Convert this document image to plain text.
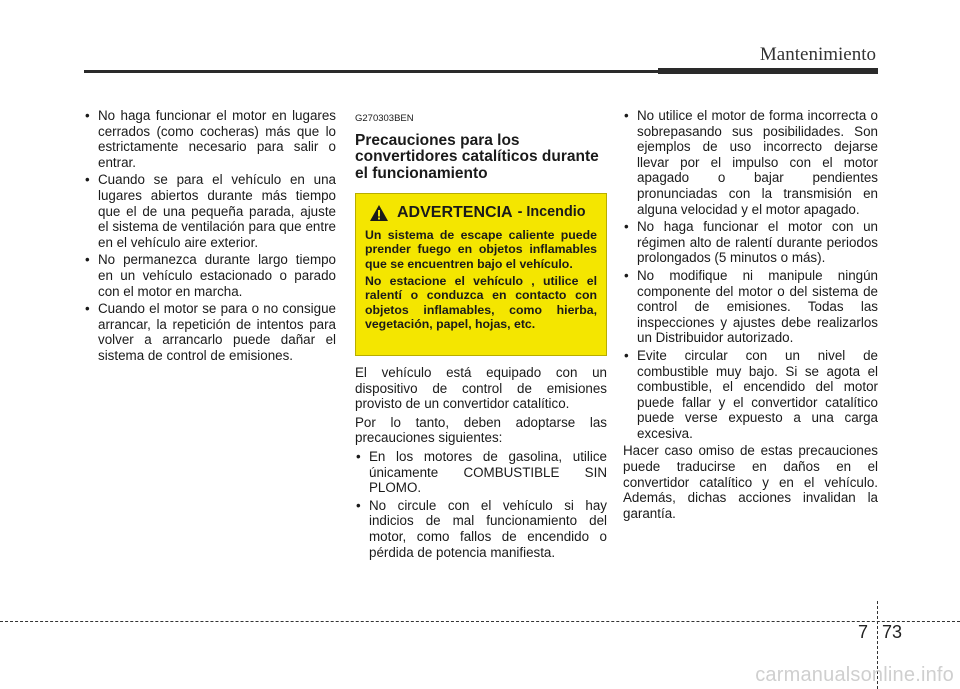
Mantenimiento
• No haga funcionar el motor en lugares cerrados (como cocheras) más que lo estrictamente necesario para salir o entrar.
• Cuando se para el vehículo en una lugares abiertos durante más tiempo que el de una pequeña parada, ajuste el sistema de ventilación para que entre en el vehículo aire exterior.
• No permanezca durante largo tiempo en un vehículo estacionado o parado con el motor en marcha.
• Cuando el motor se para o no consigue arrancar, la repetición de intentos para volver a arrancarlo puede dañar el sistema de control de emisiones.
G270303BEN
Precauciones para los convertidores catalíticos durante el funcionamiento
ADVERTENCIA - Incendio

Un sistema de escape caliente puede prender fuego en objetos inflamables que se encuentren bajo el vehículo.

No estacione el vehículo , utilice el ralentí o conduzca en contacto con objetos inflamables, como hierba, vegetación, papel, hojas, etc.

El vehículo está equipado con un dispositivo de control de emisiones provisto de un convertidor catalítico.

Por lo tanto, deben adoptarse las precauciones siguientes:

• En los motores de gasolina, utilice únicamente COMBUSTIBLE SIN PLOMO.
• No circule con el vehículo si hay indicios de mal funcionamiento del motor, como fallos de encendido o pérdida de potencia manifiesta.
• No utilice el motor de forma incorrecta o sobrepasando sus posibilidades. Son ejemplos de uso incorrecto dejarse llevar por el impulso con el motor apagado o bajar pendientes pronunciadas con la transmisión en alguna velocidad y el motor apagado.
• No haga funcionar el motor con un régimen alto de ralentí durante periodos prolongados (5 minutos o más).
• No modifique ni manipule ningún componente del motor o del sistema de control de emisiones. Todas las inspecciones y ajustes debe realizarlos un Distribuidor autorizado.
• Evite circular con un nivel de combustible muy bajo. Si se agota el combustible, el encendido del motor puede fallar y el convertidor catalítico puede verse expuesto a una carga excesiva.

Hacer caso omiso de estas precauciones puede traducirse en daños en el convertidor catalítico y en el vehículo. Además, dichas acciones invalidan la garantía.

7 73
carmanualsonline.info
